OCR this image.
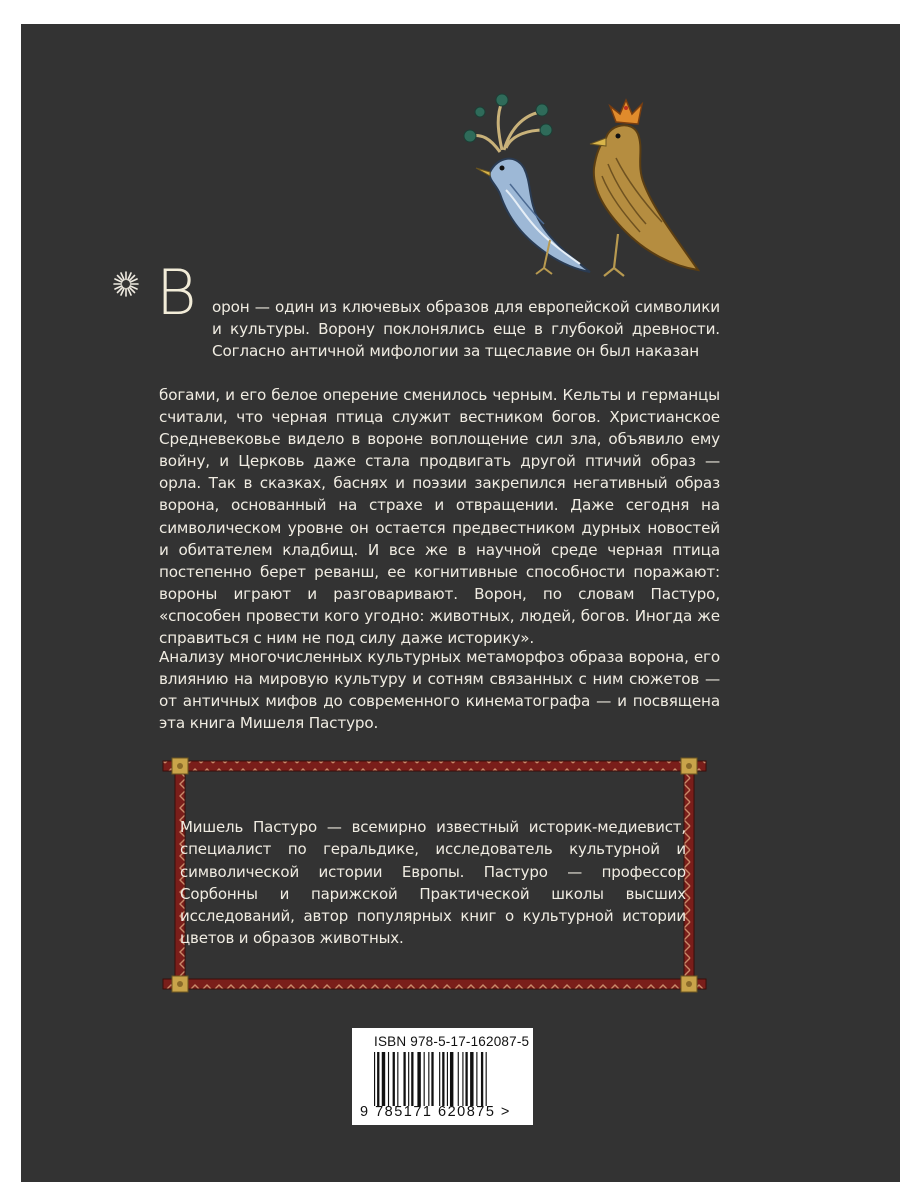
В орон — один из ключевых образов для европейской символики и культуры. Ворону поклонялись еще в глубокой древности. Согласно античной мифологии за тщеславие он был наказан

богами, и его белое оперение сменилось черным. Кельты и германцы считали, что черная птица служит вестником богов. Христианское Средневековье видело в вороне воплощение сил зла, объявило ему войну, и Церковь даже стала продвигать другой птичий образ — орла. Так в сказках, баснях и поэзии закрепился негативный образ ворона, основанный на страхе и отвращении. Даже сегодня на символическом уровне он остается предвестником дурных новостей и обитателем кладбищ. И все же в научной среде черная птица постепенно берет реванш, ее когнитивные способности поражают: вороны играют и разговаривают. Ворон, по словам Пастуро, «способен провести кого угодно: животных, людей, богов. Иногда же справиться с ним не под силу даже историку».

Анализу многочисленных культурных метаморфоз образа ворона, его влиянию на мировую культуру и сотням связанных с ним сюжетов — от античных мифов до современного кинематографа — и посвящена эта книга Мишеля Пастуро.

Мишель Пастуро — всемирно известный историк-медиевист, специалист по геральдике, исследователь культурной и символической истории Европы. Пастуро — профессор Сорбонны и парижской Практической школы высших исследований, автор популярных книг о культурной истории цветов и образов животных.

ISBN 978-5-17-162087-5
9 785171 620875 >
